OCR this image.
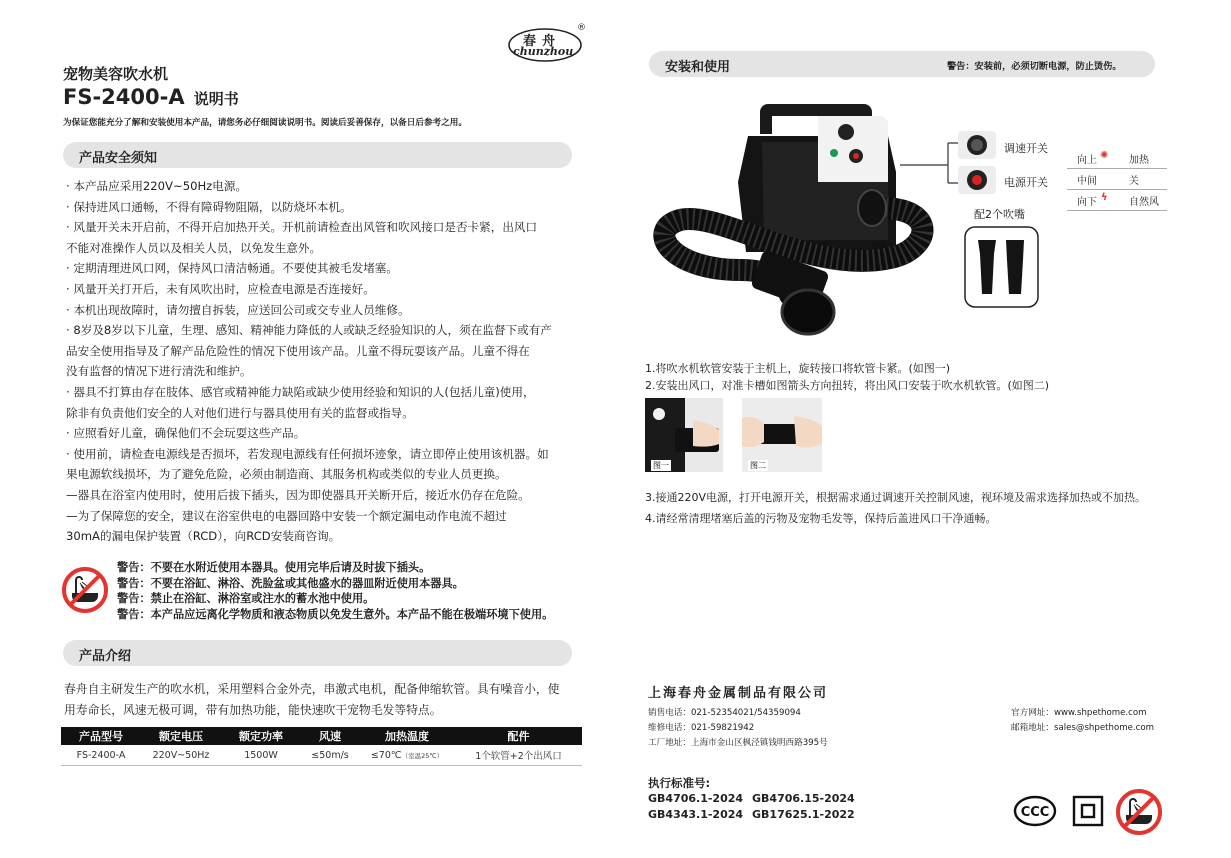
春舟
chunzhou
®
宠物美容吹水机
FS-2400-A 说明书
为保证您能充分了解和安装使用本产品，请您务必仔细阅读说明书。阅读后妥善保存，以备日后参考之用。
产品安全须知
· 本产品应采用220V~50Hz电源。
· 保持进风口通畅，不得有障碍物阻隔，以防烧坏本机。
· 风量开关未开启前，不得开启加热开关。开机前请检查出风管和吹风接口是否卡紧，出风口
不能对准操作人员以及相关人员，以免发生意外。
· 定期清理进风口网，保持风口清洁畅通。不要使其被毛发堵塞。
· 风量开关打开后，未有风吹出时，应检查电源是否连接好。
· 本机出现故障时，请勿擅自拆装，应送回公司或交专业人员维修。
· 8岁及8岁以下儿童，生理、感知、精神能力降低的人或缺乏经验知识的人，须在监督下或有产
品安全使用指导及了解产品危险性的情况下使用该产品。儿童不得玩耍该产品。儿童不得在
没有监督的情况下进行清洗和维护。
· 器具不打算由存在肢体、感官或精神能力缺陷或缺少使用经验和知识的人(包括儿童)使用，
除非有负责他们安全的人对他们进行与器具使用有关的监督或指导。
· 应照看好儿童，确保他们不会玩耍这些产品。
· 使用前，请检查电源线是否损坏，若发现电源线有任何损坏迹象，请立即停止使用该机器。如
果电源软线损坏，为了避免危险，必须由制造商、其服务机构或类似的专业人员更换。
—器具在浴室内使用时，使用后拔下插头，因为即使器具开关断开后，接近水仍存在危险。
—为了保障您的安全，建议在浴室供电的电器回路中安装一个额定漏电动作电流不超过
30mA的漏电保护装置（RCD），向RCD安装商咨询。
警告：不要在水附近使用本器具。使用完毕后请及时拔下插头。
警告：不要在浴缸、淋浴、洗脸盆或其他盛水的器皿附近使用本器具。
警告：禁止在浴缸、淋浴室或注水的蓄水池中使用。
警告：本产品应远离化学物质和液态物质以免发生意外。本产品不能在极端环境下使用。
产品介绍
春舟自主研发生产的吹水机，采用塑料合金外壳，串激式电机，配备伸缩软管。具有噪音小，使
用寿命长，风速无极可调，带有加热功能，能快速吹干宠物毛发等特点。
产品型号	额定电压	额定功率	风速	加热温度	配件
FS-2400-A	220V~50Hz	1500W	≤50m/s	≤70℃（室温25℃）	1个软管+2个出风口
安装和使用	警告：安装前，必须切断电源，防止烫伤。
调速开关
电源开关
向上 ✺ 加热
中间	关
向下 ϟ 自然风
配2个吹嘴
1.将吹水机软管安装于主机上，旋转接口将软管卡紧。(如图一)
2.安装出风口，对准卡槽如图箭头方向扭转，将出风口安装于吹水机软管。(如图二)
图一	图二
3.接通220V电源，打开电源开关，根据需求通过调速开关控制风速，视环境及需求选择加热或不加热。
4.请经常清理堵塞后盖的污物及宠物毛发等，保持后盖进风口干净通畅。
上海春舟金属制品有限公司
销售电话：021-52354021/54359094
维修电话：021-59821942
工厂地址：上海市金山区枫泾镇钱明西路395号
官方网址：www.shpethome.com
邮箱地址：sales@shpethome.com
执行标准号:
GB4706.1-2024 GB4706.15-2024
GB4343.1-2024 GB17625.1-2022	CCC
